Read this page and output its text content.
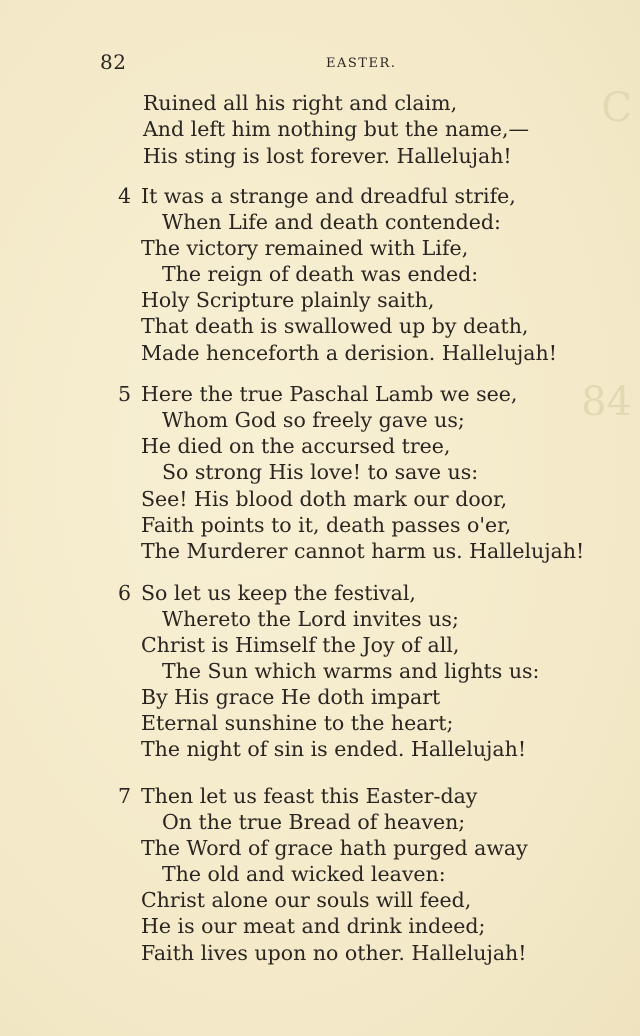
82	EASTER.
C
84
Ruined all his right and claim,
And left him nothing but the name,—
His sting is lost forever. Hallelujah!
4 It was a strange and dreadful strife,
When Life and death contended:
The victory remained with Life,
The reign of death was ended:
Holy Scripture plainly saith,
That death is swallowed up by death,
Made henceforth a derision. Hallelujah!
5 Here the true Paschal Lamb we see,
Whom God so freely gave us;
He died on the accursed tree,
So strong His love! to save us:
See! His blood doth mark our door,
Faith points to it, death passes o'er,
The Murderer cannot harm us. Hallelujah!
6 So let us keep the festival,
Whereto the Lord invites us;
Christ is Himself the Joy of all,
The Sun which warms and lights us:
By His grace He doth impart
Eternal sunshine to the heart;
The night of sin is ended. Hallelujah!
7 Then let us feast this Easter-day
On the true Bread of heaven;
The Word of grace hath purged away
The old and wicked leaven:
Christ alone our souls will feed,
He is our meat and drink indeed;
Faith lives upon no other. Hallelujah!
